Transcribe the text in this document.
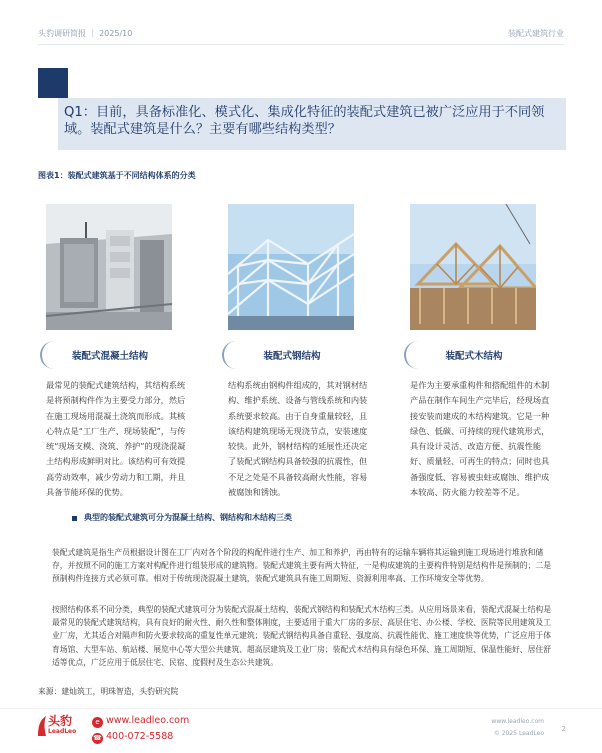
头豹调研简报 ｜ 2025/10	装配式建筑行业
Q1：目前，具备标准化、模式化、集成化特征的装配式建筑已被广泛应用于不同领域。装配式建筑是什么？主要有哪些结构类型？
图表1：装配式建筑基于不同结构体系的分类
装配式混凝土结构	装配式钢结构	装配式木结构
最常见的装配式建筑结构，其结构系统是将预制构件作为主要受力部分，然后在施工现场用混凝土浇筑而形成。其核心特点是“工厂生产、现场装配”，与传统“现场支模、浇筑、养护”的现浇混凝土结构形成鲜明对比。该结构可有效提高劳动效率，减少劳动力和工期，并且具备节能环保的优势。
结构系统由钢构件组成的，其对钢材结构、维护系统、设备与管线系统和内装系统要求较高。由于自身重量较轻，且该结构建筑现场无现浇节点，安装速度较快。此外，钢材结构的延展性还决定了装配式钢结构具备较强的抗震性，但不足之处是不具备较高耐火性能，容易被腐蚀和锈蚀。
是作为主要承重构件和搭配组件的木制产品在制作车间生产完毕后，经现场直接安装而建成的木结构建筑。它是一种绿色、低碳、可持续的现代建筑形式，具有设计灵活、改造方便、抗震性能好、质量轻、可再生的特点；同时也具备强度低、容易被虫蛀或腐蚀、维护成本较高、防火能力较差等不足。
典型的装配式建筑可分为混凝土结构、钢结构和木结构三类
装配式建筑是指生产员根据设计图在工厂内对各个阶段的构配件进行生产、加工和养护，再由特有的运输车辆将其运输到施工现场进行堆放和储存，并按照不同的施工方案对构配件进行组装形成的建筑物。装配式建筑主要有两大特征，一是构成建筑的主要构件特别是结构件是预制的；二是预制构件连接方式必须可靠。相对于传统现浇混凝土建筑，装配式建筑具有施工周期短、资源利用率高、工作环境安全等优势。
按照结构体系不同分类，典型的装配式建筑可分为装配式混凝土结构、装配式钢结构和装配式木结构三类。从应用场景来看，装配式混凝土结构是最常见的装配式建筑结构，具有良好的耐火性、耐久性和整体刚度，主要适用于重大厂房的多层、高层住宅、办公楼、学校、医院等民用建筑及工业厂房，尤其适合对隔声和防火要求较高的重复性单元建筑；装配式钢结构具备自重轻、强度高、抗震性能优、施工速度快等优势，广泛应用于体育场馆、大型车站、航站楼、展览中心等大型公共建筑、超高层建筑及工业厂房；装配式木结构具有绿色环保、施工周期短、保温性能好、居住舒适等优点，广泛应用于低层住宅、民宿、度假村及生态公共建筑。
来源：建灿筑工，明珠智造，头豹研究院
头豹
LeadLeo
e www.leadleo.com
☎ 400-072-5588
www.leadleo.com
© 2025 LeadLeo
2
